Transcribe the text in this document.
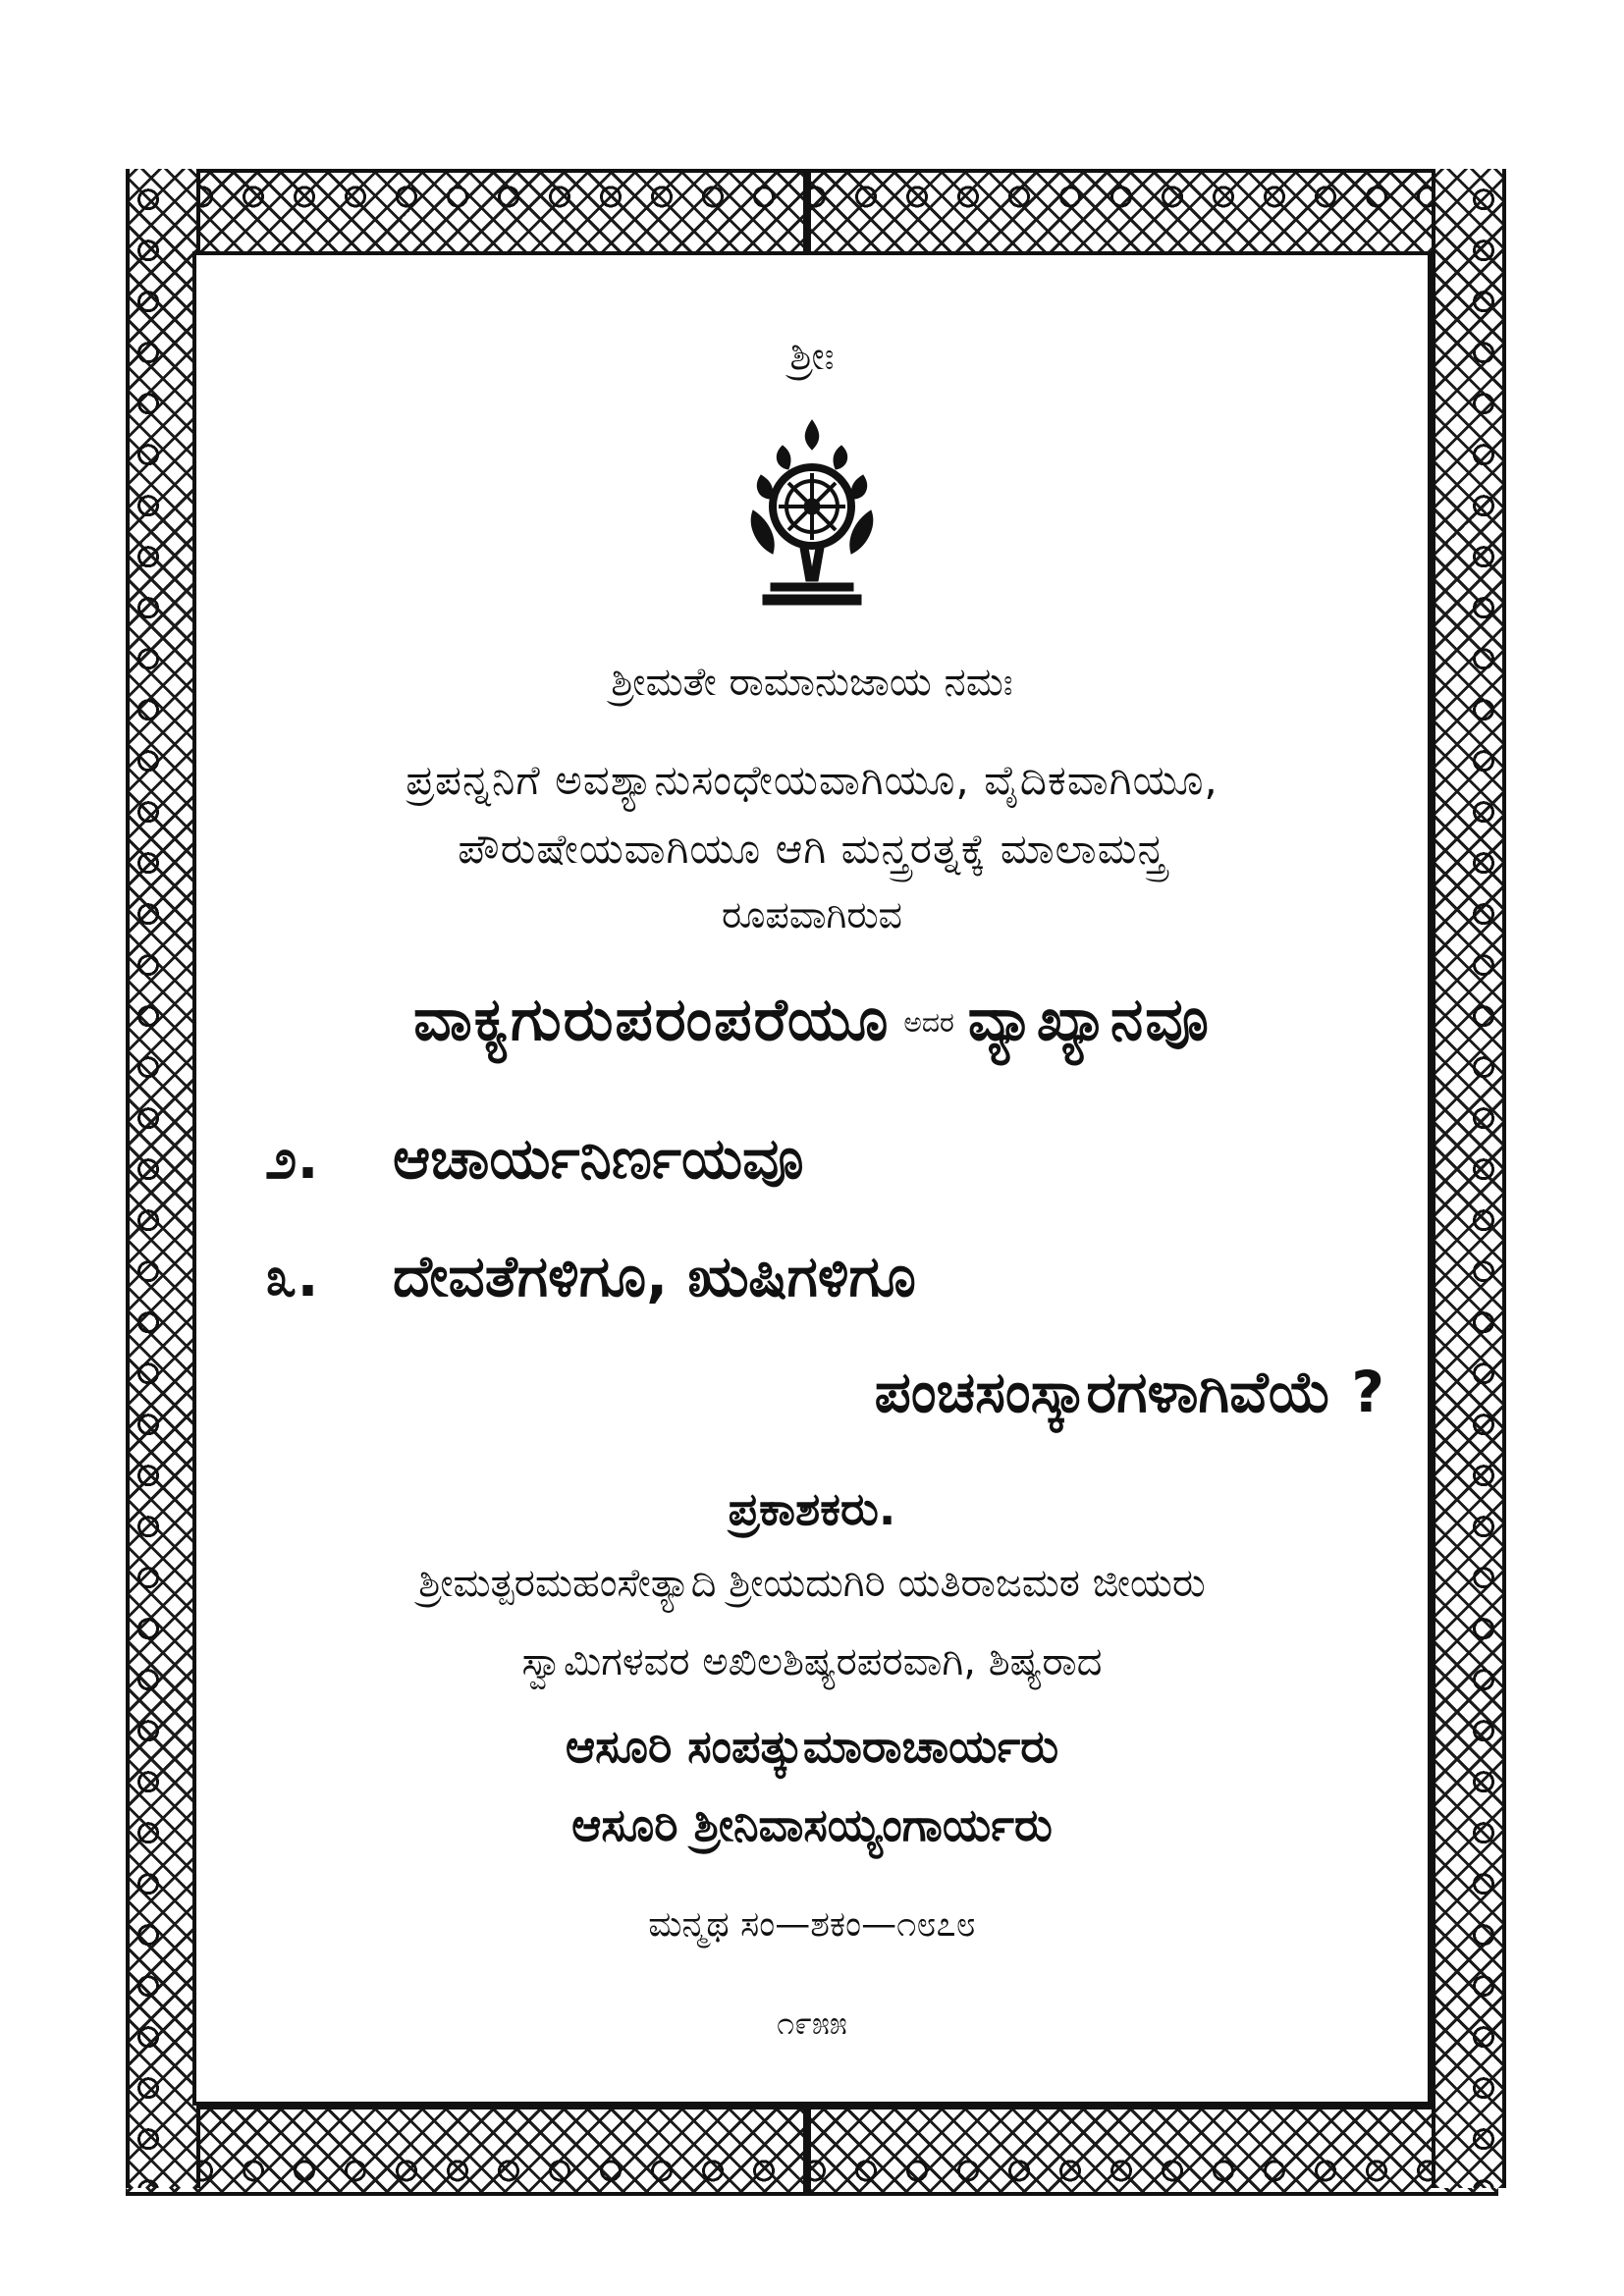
ಶ್ರೀಃ
ಶ್ರೀಮತೇ ರಾಮಾನುಜಾಯ ನಮಃ
ಪ್ರಪನ್ನನಿಗೆ ಅವಶ್ಯಾನುಸಂಧೇಯವಾಗಿಯೂ, ವೈದಿಕವಾಗಿಯೂ,
ಪೌರುಷೇಯವಾಗಿಯೂ ಆಗಿ ಮನ್ತ್ರರತ್ನಕ್ಕೆ ಮಾಲಾಮನ್ತ್ರ
ರೂಪವಾಗಿರುವ
ವಾಕ್ಯಗುರುಪರಂಪರೆಯೂ ಅದರ ವ್ಯಾಖ್ಯಾನವೂ
೨. ಆಚಾರ್ಯನಿರ್ಣಯವೂ
೩. ದೇವತೆಗಳಿಗೂ, ಋಷಿಗಳಿಗೂ
ಪಂಚಸಂಸ್ಕಾರಗಳಾಗಿವೆಯೆ ?
ಪ್ರಕಾಶಕರು.
ಶ್ರೀಮತ್ಪರಮಹಂಸೇತ್ಯಾದಿ ಶ್ರೀಯದುಗಿರಿ ಯತಿರಾಜಮಠ ಜೀಯರು
ಸ್ವಾಮಿಗಳವರ ಅಖಿಲಶಿಷ್ಯರಪರವಾಗಿ, ಶಿಷ್ಯರಾದ
ಆಸೂರಿ ಸಂಪತ್ಕುಮಾರಾಚಾರ್ಯರು
ಆಸೂರಿ ಶ್ರೀನಿವಾಸಯ್ಯಂಗಾರ್ಯರು
ಮನ್ಮಥ ಸಂ—ಶಕಂ—೧೮೭೮
೧೯೫೫
